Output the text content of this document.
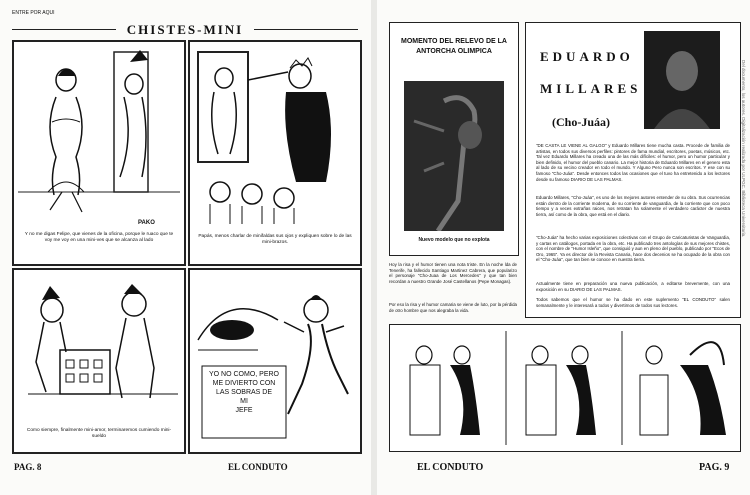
ENTRE POR AQUI
CHISTES-MINI
Y no me digas Felipe, que vienes de la oficina, porque le ruaco que te voy me voy en una mini-ves que se alcanza al lado
PAKO
Papás, menos charlar de minifaldas sus ojos y expliquen sobre lo de las mini-brazos.
Como siempre, finalmente mini-amor, terminaremos cumiendo mini-sueldo
YO NO COMO, PERO
ME DIVIERTO CON
LAS SOBRAS DE
MI
JEFE
PAG. 8	EL CONDUTO
MOMENTO DEL RELEVO DE LA
ANTORCHA OLIMPICA
Nuevo modelo que no explota
Hoy la risa y el humor tienen una nota triste. En la noche lda de Tenerife, ha fallecido Santiago Martinez Cabrera, que popularizo el personaje "Cho-Juaa de Los Mercedes" y que tan bien recordan a nuestro Grande José Castellanos (Pepe Monagas).
Por eso la risa y el humor camaria se viene de luto, por la pérdida de otro hombre que nos alegraba la vida.
EDUARDO
MILLARES
(Cho-Juáa)
"DE CASTA LE VIENE AL GALGO" y Eduardo Millares tiene mucha casta. Procede de familia de artistas, en todos sus diversos perfiles: pintores de fama mundial, escritores, poetas, músicos, etc. Tal vez Eduardo Millares ha creado una de las más difíciles: el humor, pero un humor particular y bien definido, el humor del pueblo canario. La mejor historia de Eduardo Millares en el genero esta al lado de su vecino creador en todo el mundo. Y Alguno Pero nunca son escritos. Y ese con su famoso "Cho-Juáa". Desde entonces todos las ocasiones que el tuvo ha entretenido a los lectores desde su famoso DIARIO DE LAS PALMAS.
Eduardo Millares, "Cho-Juáa", es uno de los mejores autores entender de su obra. Sus ocurrencias están dentro de la corriente moderna, de su corriente de vanguardia, de la corriente que con poco tiempo y a veces extrañas raices, nos retratan ha solamente el verdadero carácter de nuestra tierra, así como de la obra, que está en el diario.
"Cho-Juáa" ha hecho varias exposiciones colectivas con el Grupo de Caricaturistas de Vanguardia, y cartas en catálogos, portada en la obra, etc. Ha publicado tres antologías de sus mejores chistes, con el nombre de "Humor Isleño", que consiguió y aun en pleno del pueblo, publicado por "Ecos de Oro, 1965". Ya es director de la Revista Canaria, hace dos decenios se ha ocupado de la obra con el "Cho-Juáa", que tan bien se conoce en nuestra tierra.
Actualmente tiene en preparación una nueva publicación, a editarse brevemente, con una exposición en su DIARIO DE LAS PALMAS.
Todos sabemos que el humor se ha dado en este suplemento "EL CONDUTO" salen semanalmente y le interesará a todos y divertirnos de todos sus lectores.
EL CONDUTO	PAG. 9
Del documento, los autores. Digitalización realizada por ULPGC. Biblioteca Universitaria.
